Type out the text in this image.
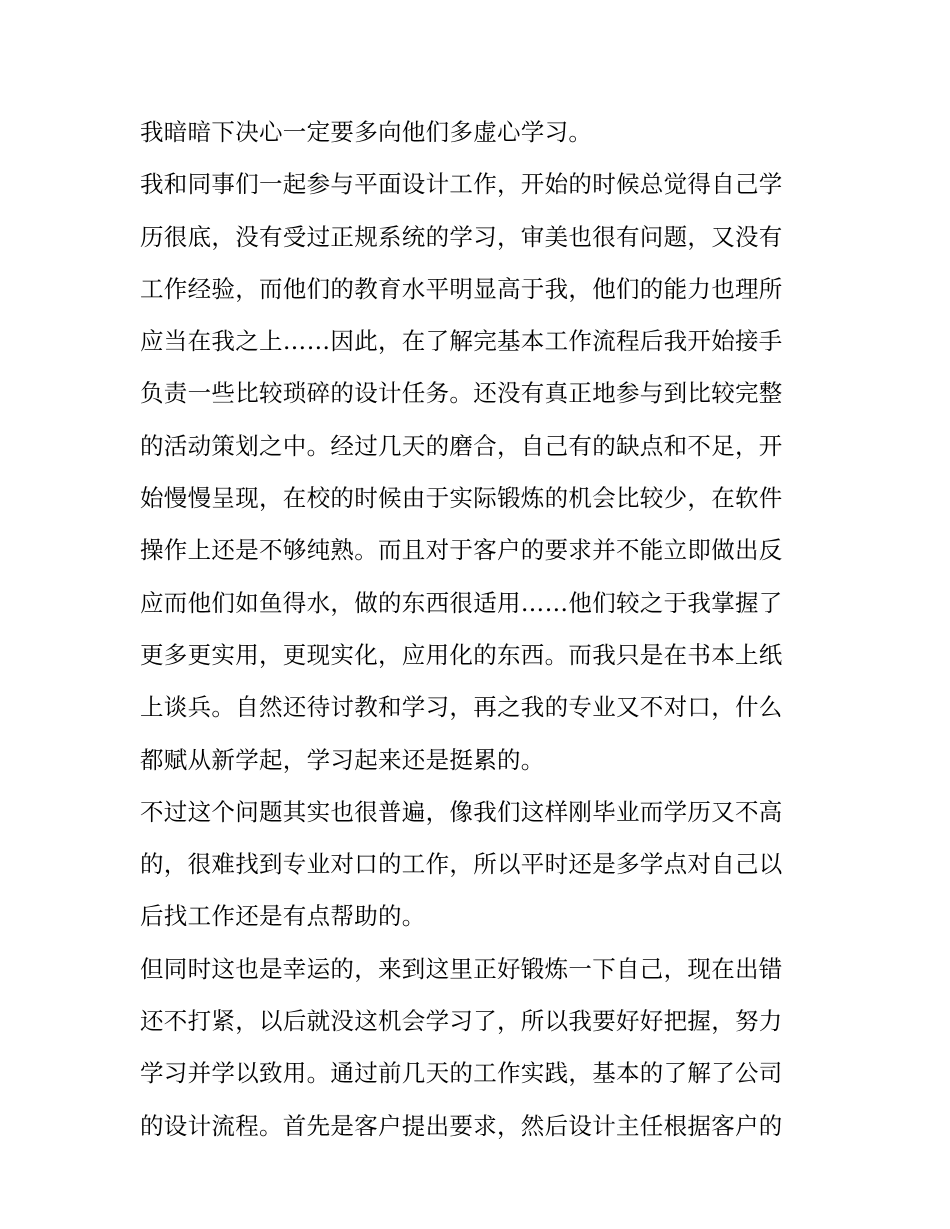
我暗暗下决心一定要多向他们多虚心学习。
我和同事们一起参与平面设计工作，开始的时候总觉得自己学
历很底，没有受过正规系统的学习，审美也很有问题，又没有
工作经验，而他们的教育水平明显高于我，他们的能力也理所
应当在我之上……因此，在了解完基本工作流程后我开始接手
负责一些比较琐碎的设计任务。还没有真正地参与到比较完整
的活动策划之中。经过几天的磨合，自己有的缺点和不足，开
始慢慢呈现，在校的时候由于实际锻炼的机会比较少，在软件
操作上还是不够纯熟。而且对于客户的要求并不能立即做出反
应而他们如鱼得水，做的东西很适用……他们较之于我掌握了
更多更实用，更现实化，应用化的东西。而我只是在书本上纸
上谈兵。自然还待讨教和学习，再之我的专业又不对口，什么
都赋从新学起，学习起来还是挺累的。
不过这个问题其实也很普遍，像我们这样刚毕业而学历又不高
的，很难找到专业对口的工作，所以平时还是多学点对自己以
后找工作还是有点帮助的。
但同时这也是幸运的，来到这里正好锻炼一下自己，现在出错
还不打紧，以后就没这机会学习了，所以我要好好把握，努力
学习并学以致用。通过前几天的工作实践，基本的了解了公司
的设计流程。首先是客户提出要求，然后设计主任根据客户的
